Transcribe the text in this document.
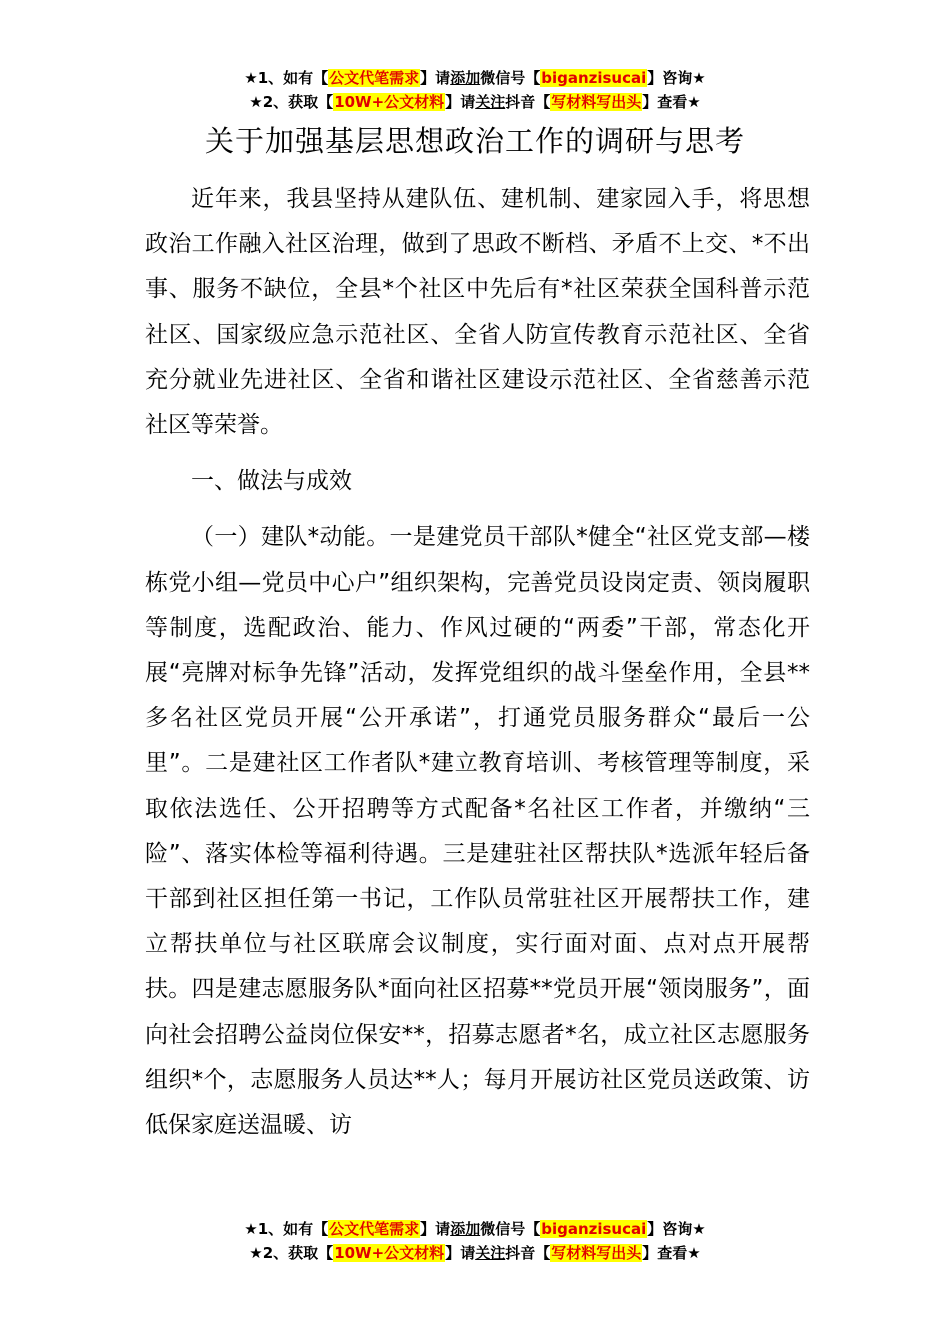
★1、如有【公文代笔需求】请添加微信号【biganzisucai】咨询★
★2、获取【10W+公文材料】请关注抖音【写材料写出头】查看★
关于加强基层思想政治工作的调研与思考

近年来，我县坚持从建队伍、建机制、建家园入手，将思想政治工作融入社区治理，做到了思政不断档、矛盾不上交、*不出事、服务不缺位，全县*个社区中先后有*社区荣获全国科普示范社区、国家级应急示范社区、全省人防宣传教育示范社区、全省充分就业先进社区、全省和谐社区建设示范社区、全省慈善示范社区等荣誉。

一、做法与成效

（一）建队*动能。一是建党员干部队*健全“社区党支部—楼栋党小组—党员中心户”组织架构，完善党员设岗定责、领岗履职等制度，选配政治、能力、作风过硬的“两委”干部，常态化开展“亮牌对标争先锋”活动，发挥党组织的战斗堡垒作用，全县**多名社区党员开展“公开承诺”，打通党员服务群众“最后一公里”。二是建社区工作者队*建立教育培训、考核管理等制度，采取依法选任、公开招聘等方式配备*名社区工作者，并缴纳“三险”、落实体检等福利待遇。三是建驻社区帮扶队*选派年轻后备干部到社区担任第一书记，工作队员常驻社区开展帮扶工作，建立帮扶单位与社区联席会议制度，实行面对面、点对点开展帮扶。四是建志愿服务队*面向社区招募**党员开展“领岗服务”，面向社会招聘公益岗位保安**，招募志愿者*名，成立社区志愿服务组织*个，志愿服务人员达**人；每月开展访社区党员送政策、访低保家庭送温暖、访

★1、如有【公文代笔需求】请添加微信号【biganzisucai】咨询★
★2、获取【10W+公文材料】请关注抖音【写材料写出头】查看★
